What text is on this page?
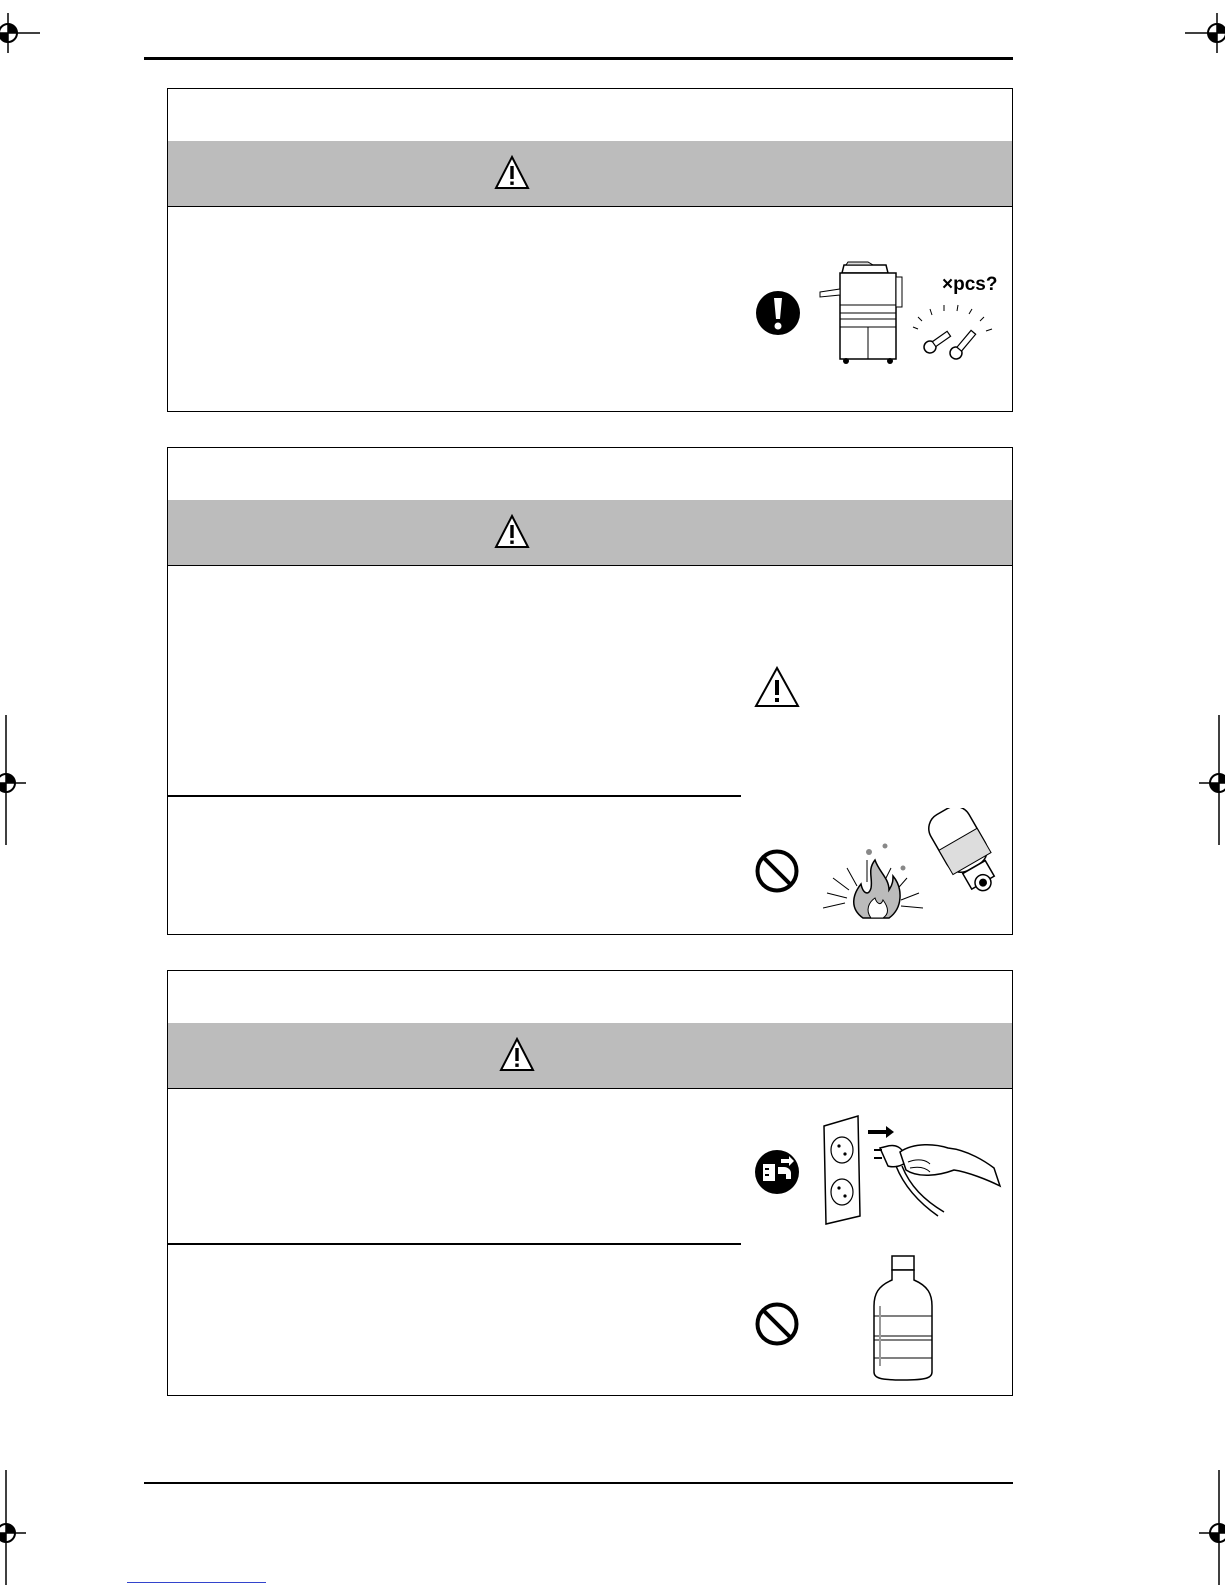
×pcs?
